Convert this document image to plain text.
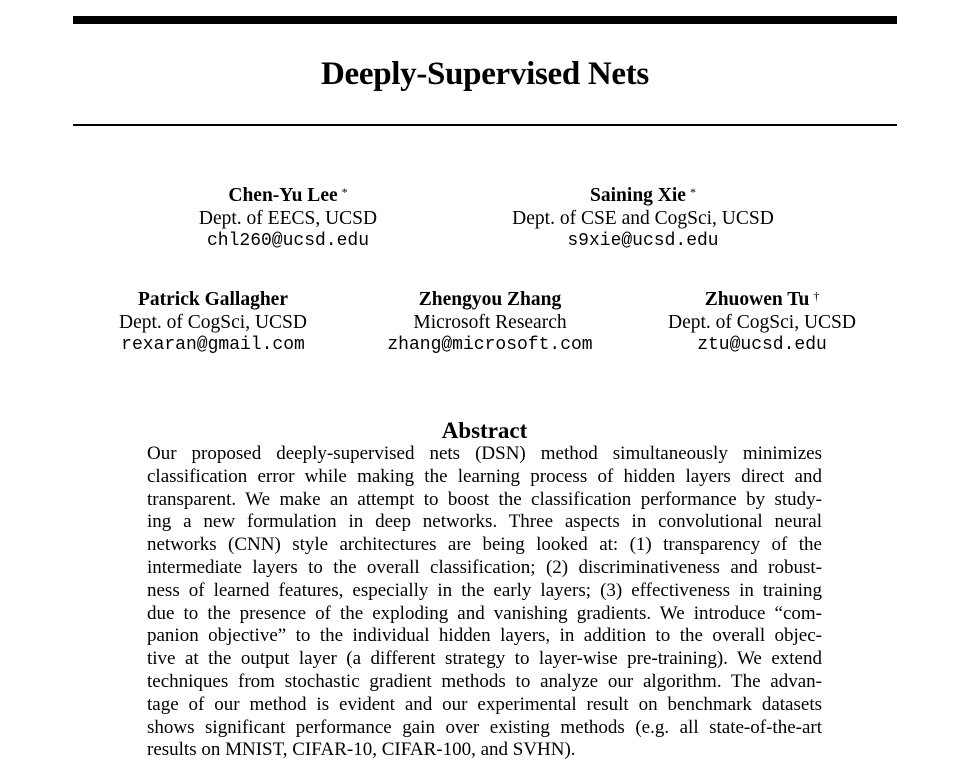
Deeply-Supervised Nets
Chen-Yu Lee *
Dept. of EECS, UCSD
chl260@ucsd.edu
Saining Xie *
Dept. of CSE and CogSci, UCSD
s9xie@ucsd.edu
Patrick Gallagher
Dept. of CogSci, UCSD
rexaran@gmail.com
Zhengyou Zhang
Microsoft Research
zhang@microsoft.com
Zhuowen Tu †
Dept. of CogSci, UCSD
ztu@ucsd.edu
Abstract
Our proposed deeply-supervised nets (DSN) method simultaneously minimizes
classification error while making the learning process of hidden layers direct and
transparent. We make an attempt to boost the classification performance by study-
ing a new formulation in deep networks. Three aspects in convolutional neural
networks (CNN) style architectures are being looked at: (1) transparency of the
intermediate layers to the overall classification; (2) discriminativeness and robust-
ness of learned features, especially in the early layers; (3) effectiveness in training
due to the presence of the exploding and vanishing gradients. We introduce “com-
panion objective” to the individual hidden layers, in addition to the overall objec-
tive at the output layer (a different strategy to layer-wise pre-training). We extend
techniques from stochastic gradient methods to analyze our algorithm. The advan-
tage of our method is evident and our experimental result on benchmark datasets
shows significant performance gain over existing methods (e.g. all state-of-the-art
results on MNIST, CIFAR-10, CIFAR-100, and SVHN).
